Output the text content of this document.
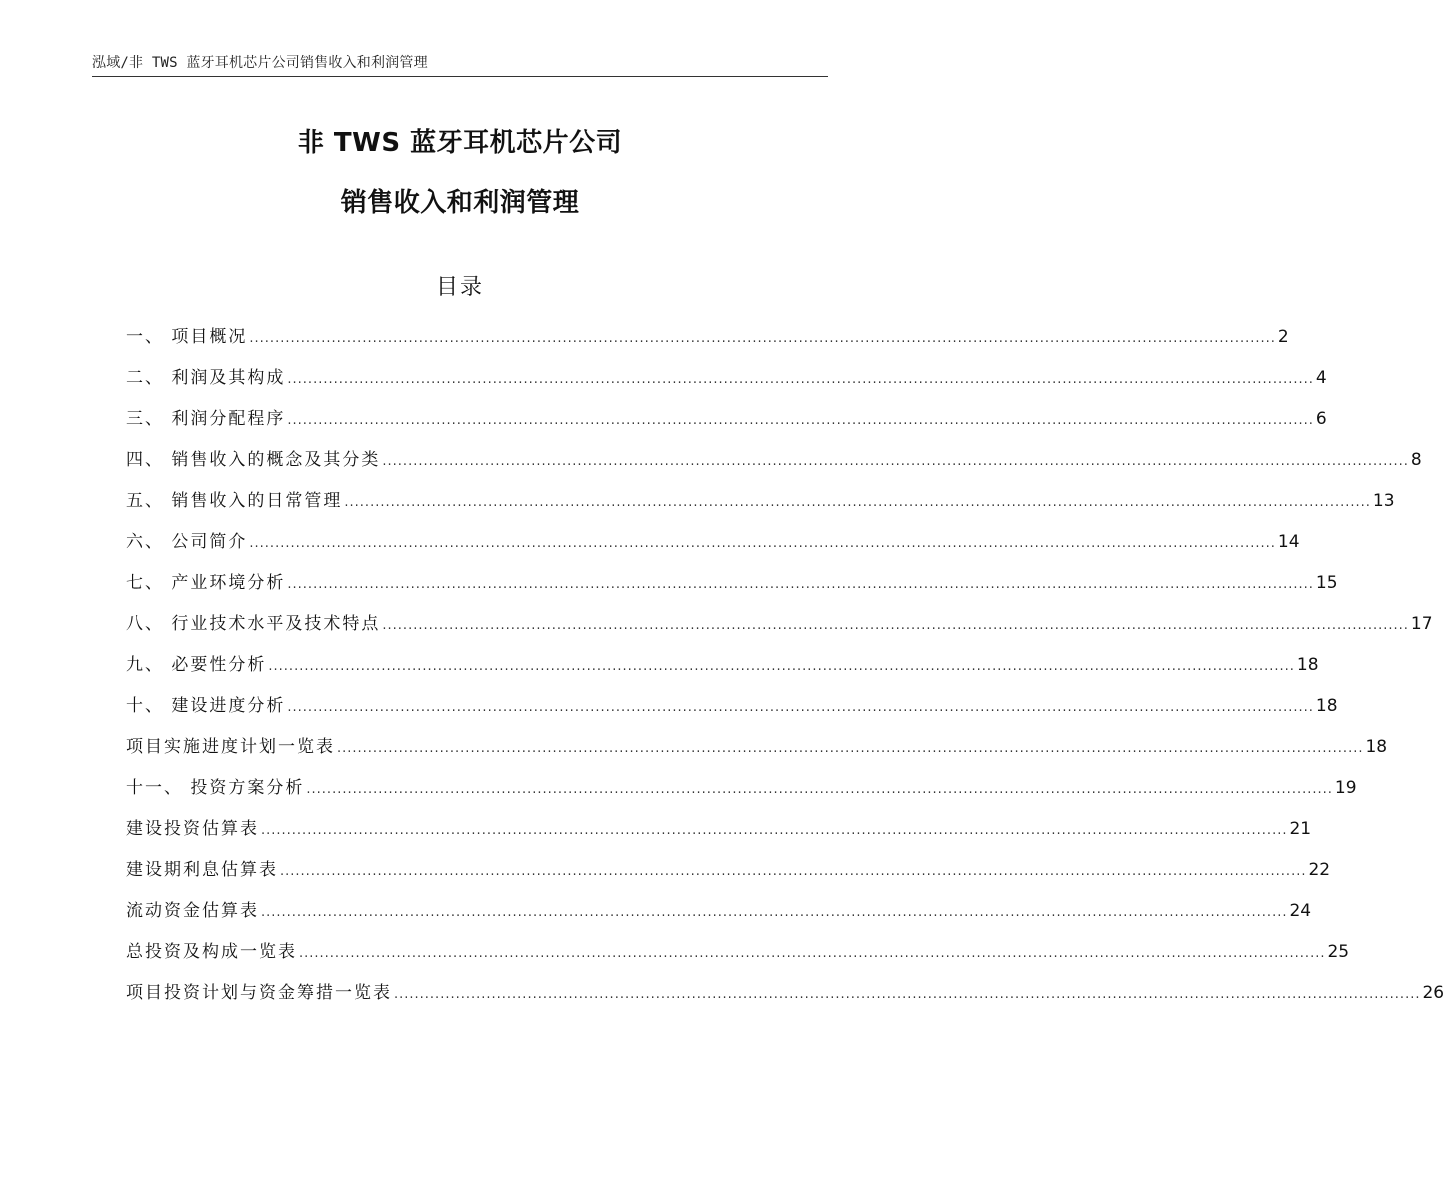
泓域/非 TWS 蓝牙耳机芯片公司销售收入和利润管理
非 TWS 蓝牙耳机芯片公司
销售收入和利润管理
目录
一、 项目概况 ........................................................................................................................................................................................................ 2
二、 利润及其构成 ........................................................................................................................................................................................................ 4
三、 利润分配程序 ........................................................................................................................................................................................................ 6
四、 销售收入的概念及其分类 ........................................................................................................................................................................................................ 8
五、 销售收入的日常管理 ........................................................................................................................................................................................................ 13
六、 公司简介 ........................................................................................................................................................................................................ 14
七、 产业环境分析 ........................................................................................................................................................................................................ 15
八、 行业技术水平及技术特点 ........................................................................................................................................................................................................ 17
九、 必要性分析 ........................................................................................................................................................................................................ 18
十、 建设进度分析 ........................................................................................................................................................................................................ 18
项目实施进度计划一览表 ........................................................................................................................................................................................................ 18
十一、 投资方案分析 ........................................................................................................................................................................................................ 19
建设投资估算表 ........................................................................................................................................................................................................ 21
建设期利息估算表 ........................................................................................................................................................................................................ 22
流动资金估算表 ........................................................................................................................................................................................................ 24
总投资及构成一览表 ........................................................................................................................................................................................................ 25
项目投资计划与资金筹措一览表 ........................................................................................................................................................................................................ 26
